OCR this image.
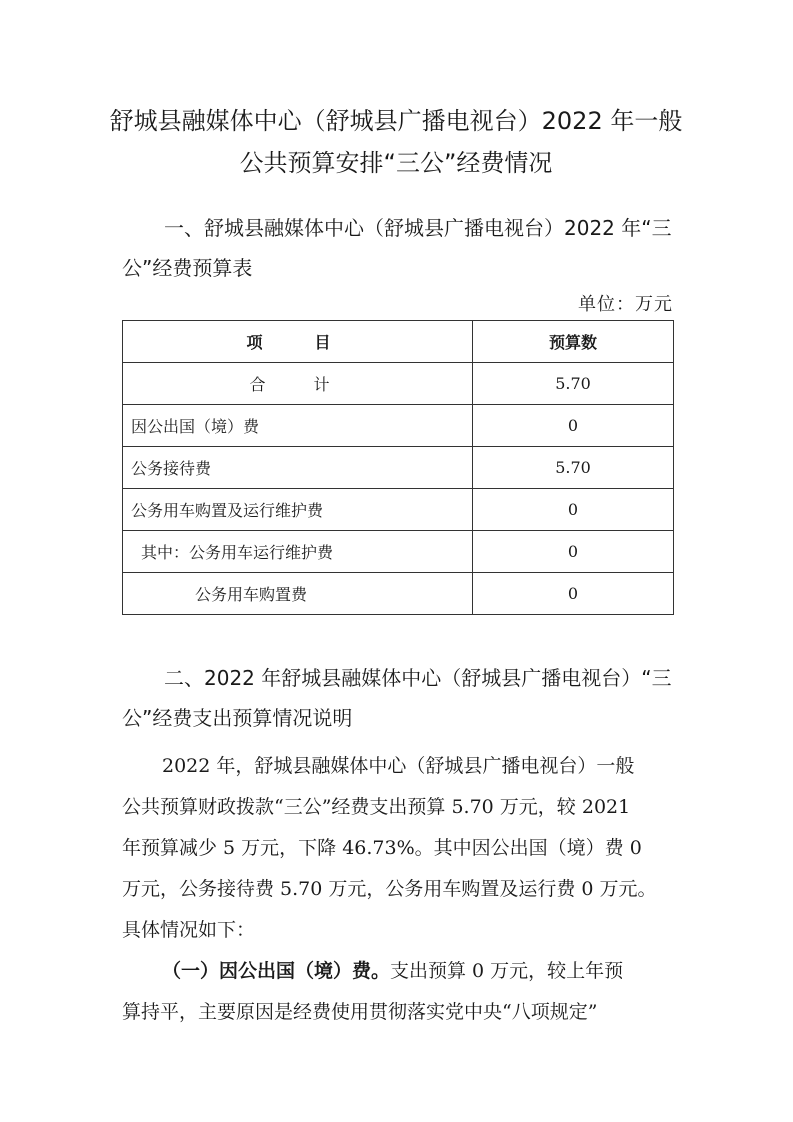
舒城县融媒体中心（舒城县广播电视台）2022 年一般
公共预算安排“三公”经费情况
一、舒城县融媒体中心（舒城县广播电视台）2022 年“三
公”经费预算表
单位：万元
项　目	预算数
合　计	5.70
因公出国（境）费	0
公务接待费	5.70
公务用车购置及运行维护费	0
其中：公务用车运行维护费	0
公务用车购置费	0
二、2022 年舒城县融媒体中心（舒城县广播电视台）“三
公”经费支出预算情况说明
2022 年，舒城县融媒体中心（舒城县广播电视台）一般
公共预算财政拨款“三公”经费支出预算 5.70 万元，较 2021
年预算减少 5 万元，下降 46.73%。其中因公出国（境）费 0
万元，公务接待费 5.70 万元，公务用车购置及运行费 0 万元。
具体情况如下：
（一）因公出国（境）费。支出预算 0 万元，较上年预
算持平，主要原因是经费使用贯彻落实党中央“八项规定”
